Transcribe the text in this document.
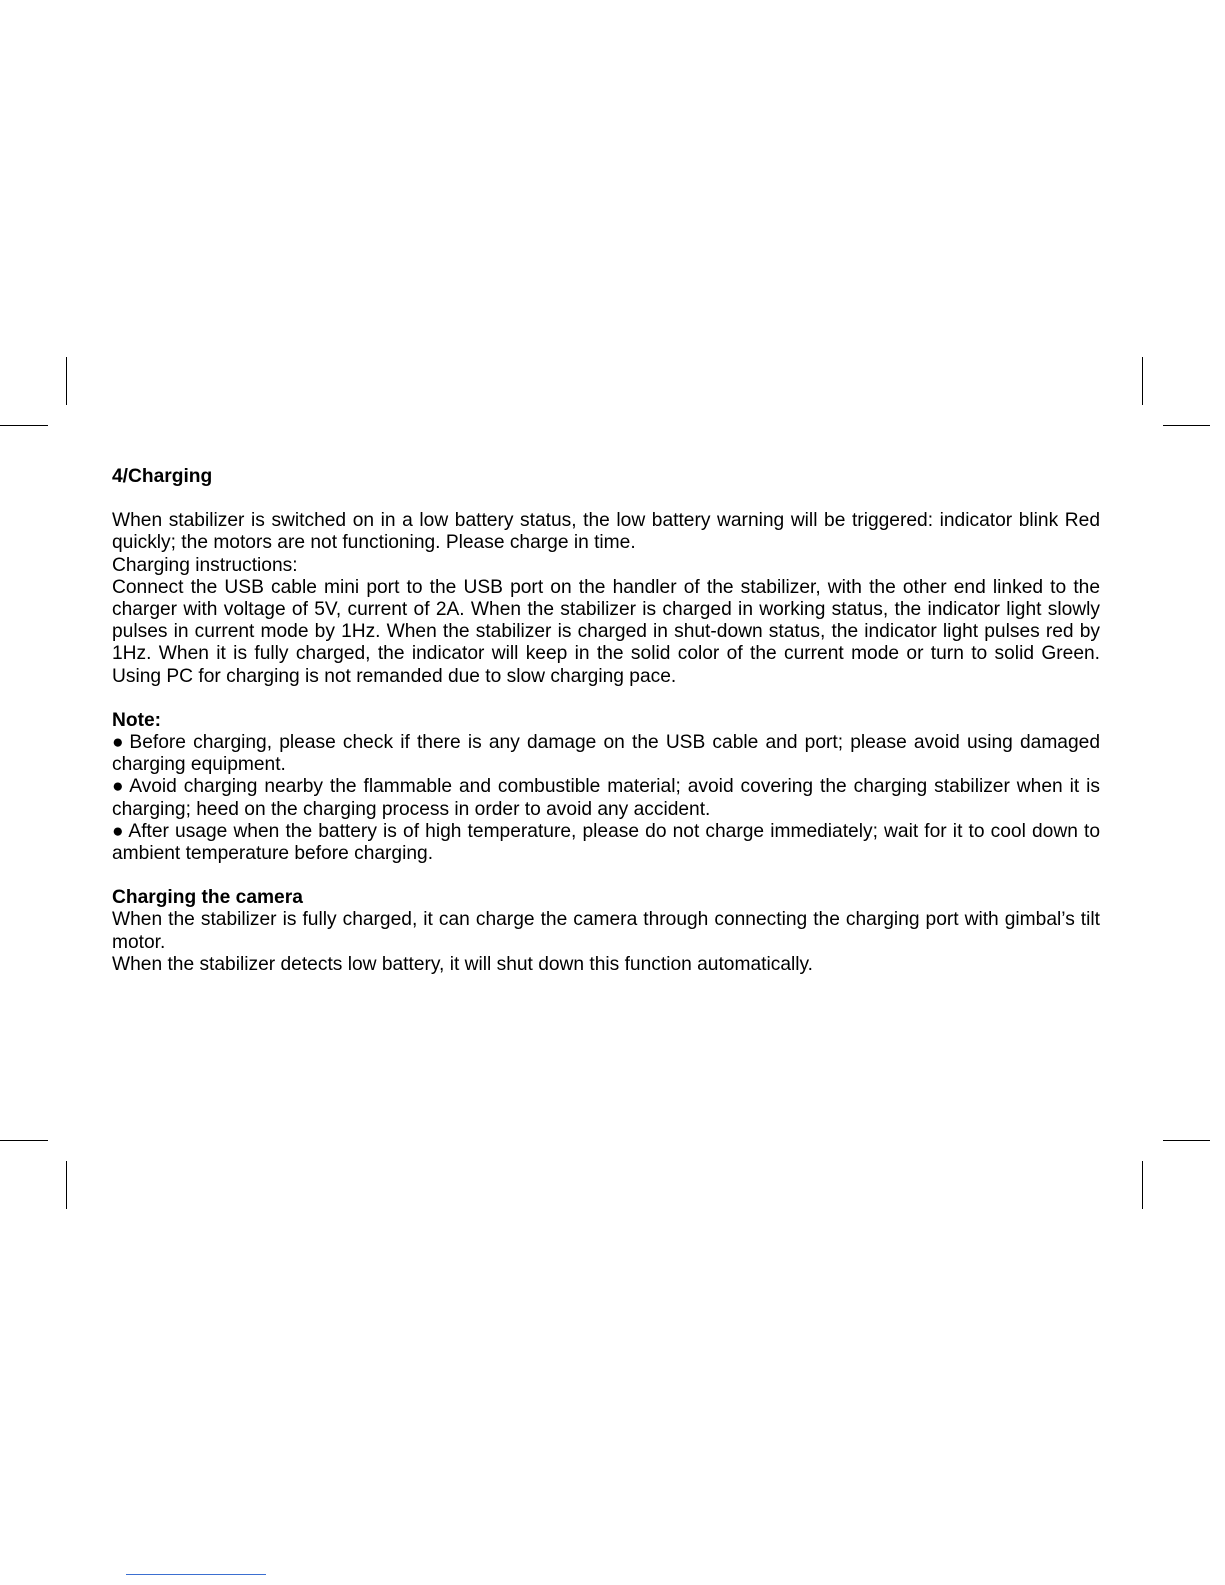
4/Charging

When stabilizer is switched on in a low battery status, the low battery warning will be triggered: indicator blink Red quickly; the motors are not functioning. Please charge in time.

Charging instructions:

Connect the USB cable mini port to the USB port on the handler of the stabilizer, with the other end linked to the charger with voltage of 5V, current of 2A. When the stabilizer is charged in working status, the indicator light slowly pulses in current mode by 1Hz. When the stabilizer is charged in shut-down status, the indicator light pulses red by 1Hz. When it is fully charged, the indicator will keep in the solid color of the current mode or turn to solid Green. Using PC for charging is not remanded due to slow charging pace.

Note:

● Before charging, please check if there is any damage on the USB cable and port; please avoid using damaged charging equipment.

● Avoid charging nearby the flammable and combustible material; avoid covering the charging stabilizer when it is charging; heed on the charging process in order to avoid any accident.

● After usage when the battery is of high temperature, please do not charge immediately; wait for it to cool down to ambient temperature before charging.

Charging the camera

When the stabilizer is fully charged, it can charge the camera through connecting the charging port with gimbal’s tilt motor.

When the stabilizer detects low battery, it will shut down this function automatically.
